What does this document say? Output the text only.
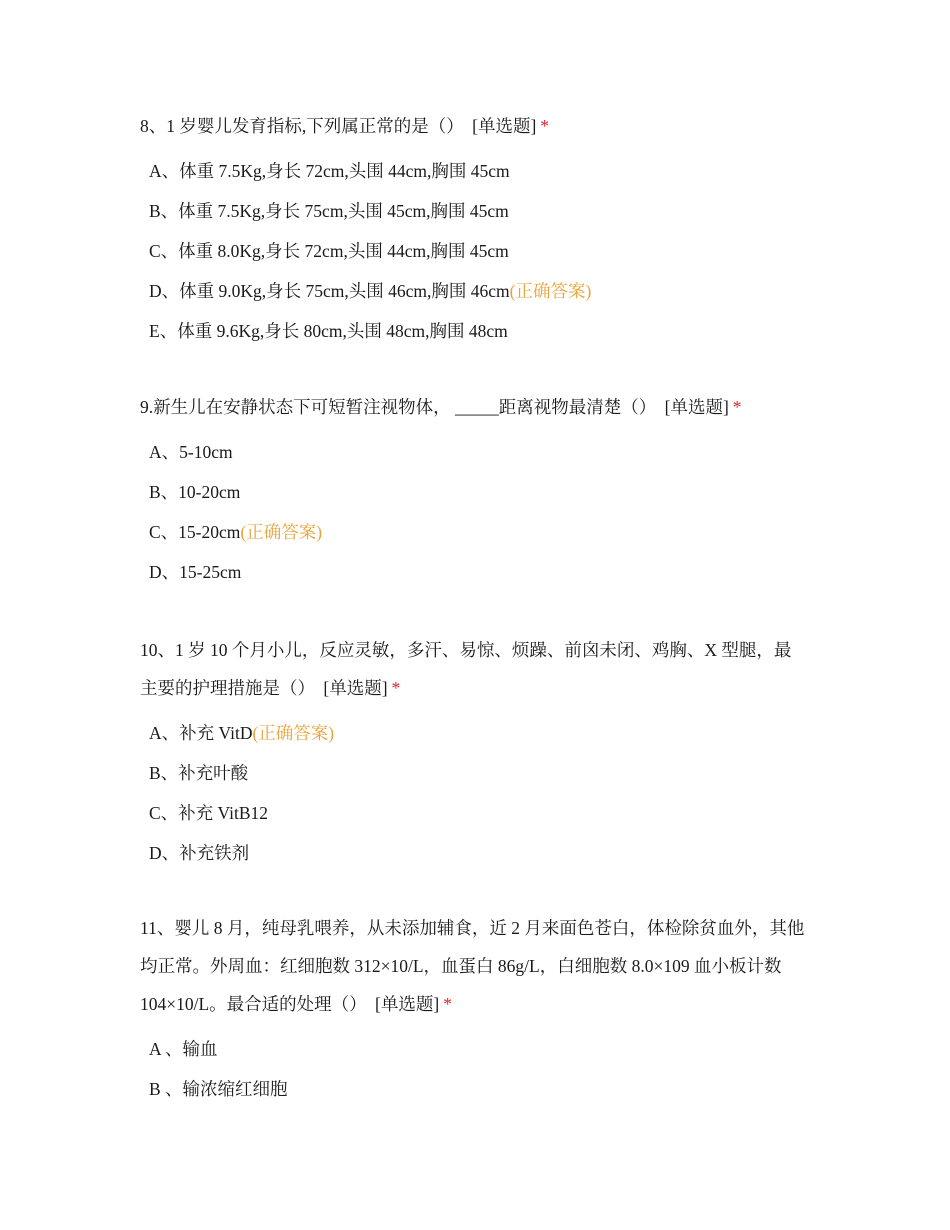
8、1 岁婴儿发育指标,下列属正常的是（） [单选题] *

A、体重 7.5Kg,身长 72cm,头围 44cm,胸围 45cm
B、体重 7.5Kg,身长 75cm,头围 45cm,胸围 45cm
C、体重 8.0Kg,身长 72cm,头围 44cm,胸围 45cm
D、体重 9.0Kg,身长 75cm,头围 46cm,胸围 46cm(正确答案)
E、体重 9.6Kg,身长 80cm,头围 48cm,胸围 48cm

9.新生儿在安静状态下可短暂注视物体， _____距离视物最清楚（） [单选题] *

A、5-10cm
B、10-20cm
C、15-20cm(正确答案)
D、15-25cm

10、1 岁 10 个月小儿，反应灵敏，多汗、易惊、烦躁、前囟未闭、鸡胸、X 型腿，最主要的护理措施是（） [单选题] *

A、补充 VitD(正确答案)
B、补充叶酸
C、补充 VitB12
D、补充铁剂

11、婴儿 8 月，纯母乳喂养，从未添加辅食，近 2 月来面色苍白，体检除贫血外，其他均正常。外周血：红细胞数 312×10/L，血蛋白 86g/L，白细胞数 8.0×109 血小板计数 104×10/L。最合适的处理（） [单选题] *

A 、输血
B 、输浓缩红细胞
